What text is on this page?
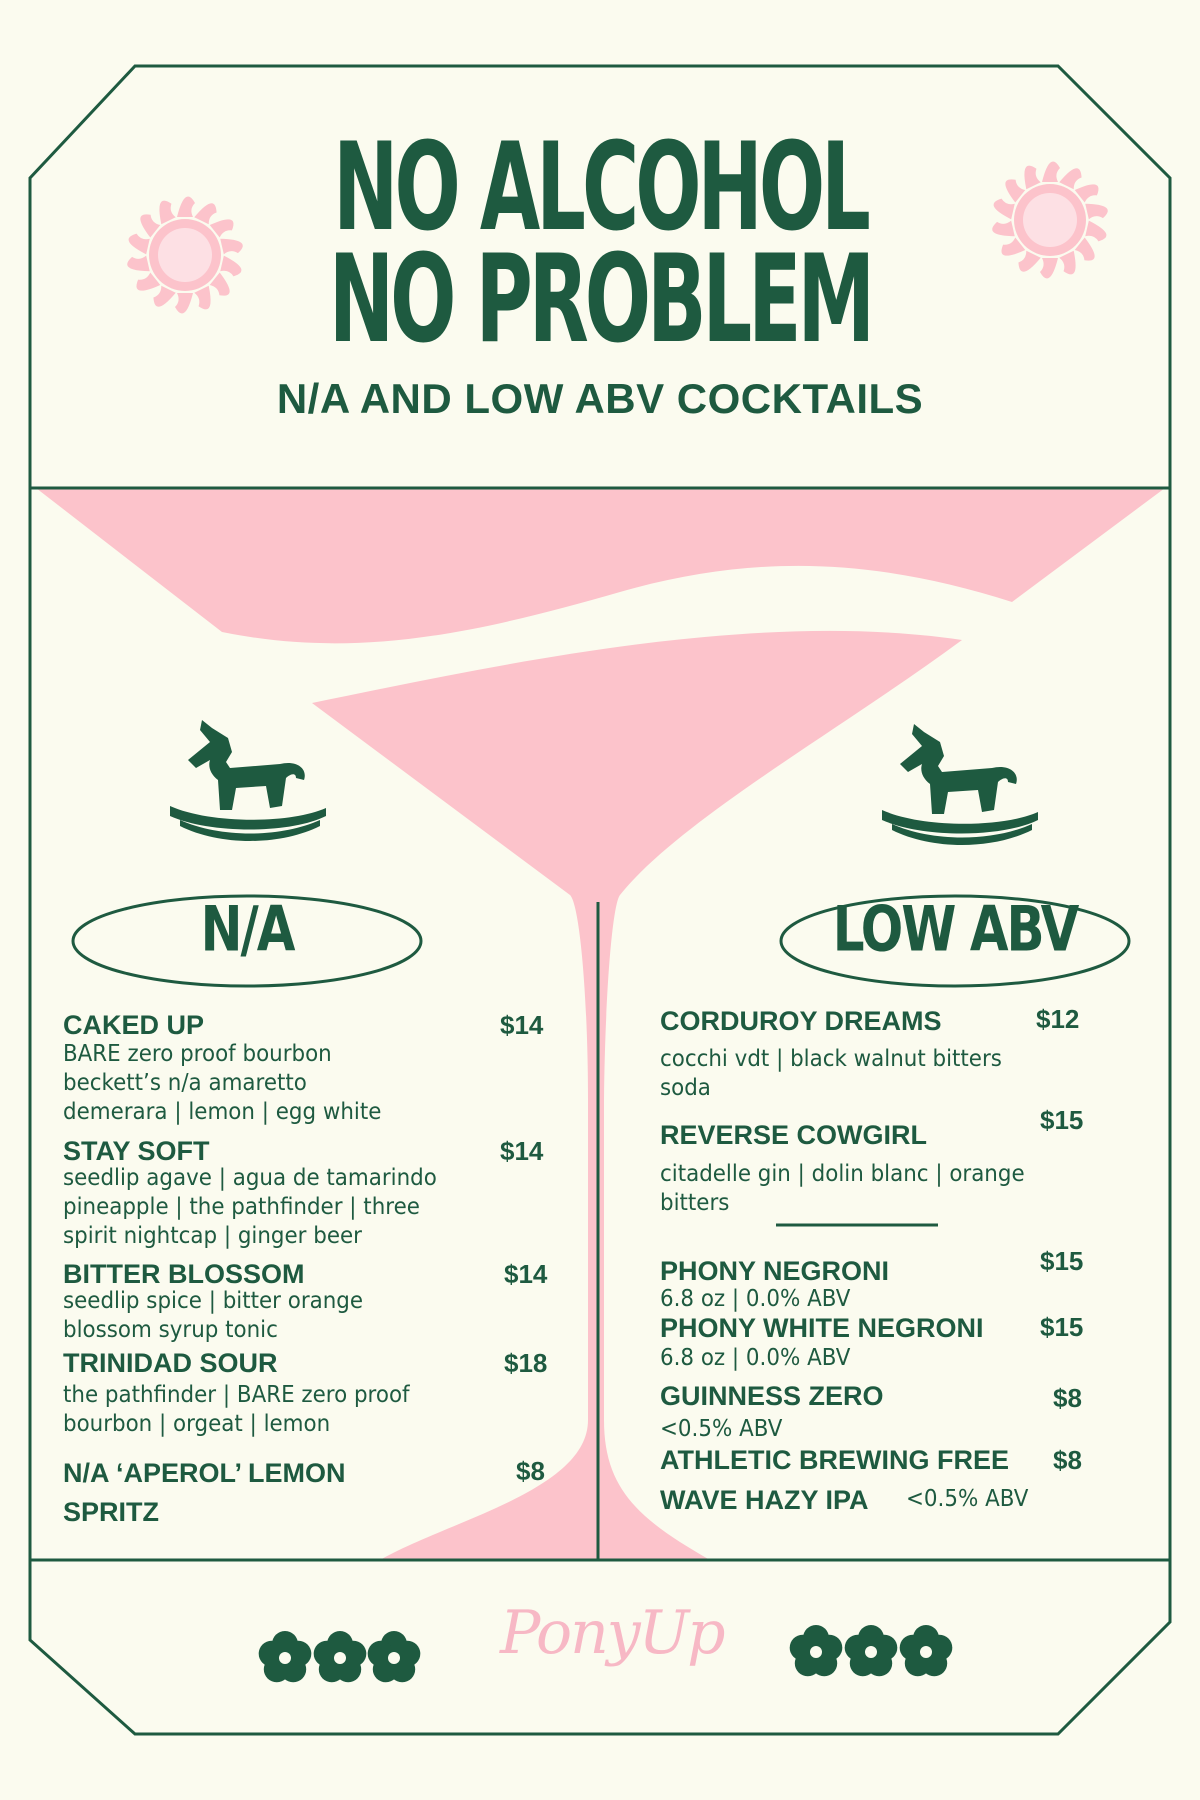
NO ALCOHOL
NO PROBLEM
N/A AND LOW ABV COCKTAILS
N/A	LOW ABV
CAKED UP	$14
BARE zero proof bourbon
beckett’s n/a amaretto
demerara | lemon | egg white
STAY SOFT	$14
seedlip agave | agua de tamarindo
pineapple | the pathfinder | three
spirit nightcap | ginger beer
BITTER BLOSSOM	$14
seedlip spice | bitter orange
blossom syrup tonic
TRINIDAD SOUR	$18
the pathfinder | BARE zero proof
bourbon | orgeat | lemon
N/A ‘APEROL’ LEMON	$8
SPRITZ
CORDUROY DREAMS	$12
cocchi vdt | black walnut bitters
soda
REVERSE COWGIRL	$15
citadelle gin | dolin blanc | orange
bitters
PHONY NEGRONI	$15
6.8 oz | 0.0% ABV
PHONY WHITE NEGRONI $15
6.8 oz | 0.0% ABV
GUINNESS ZERO	$8
<0.5% ABV
ATHLETIC BREWING FREE $8
WAVE HAZY IPA <0.5% ABV
PonyUp
